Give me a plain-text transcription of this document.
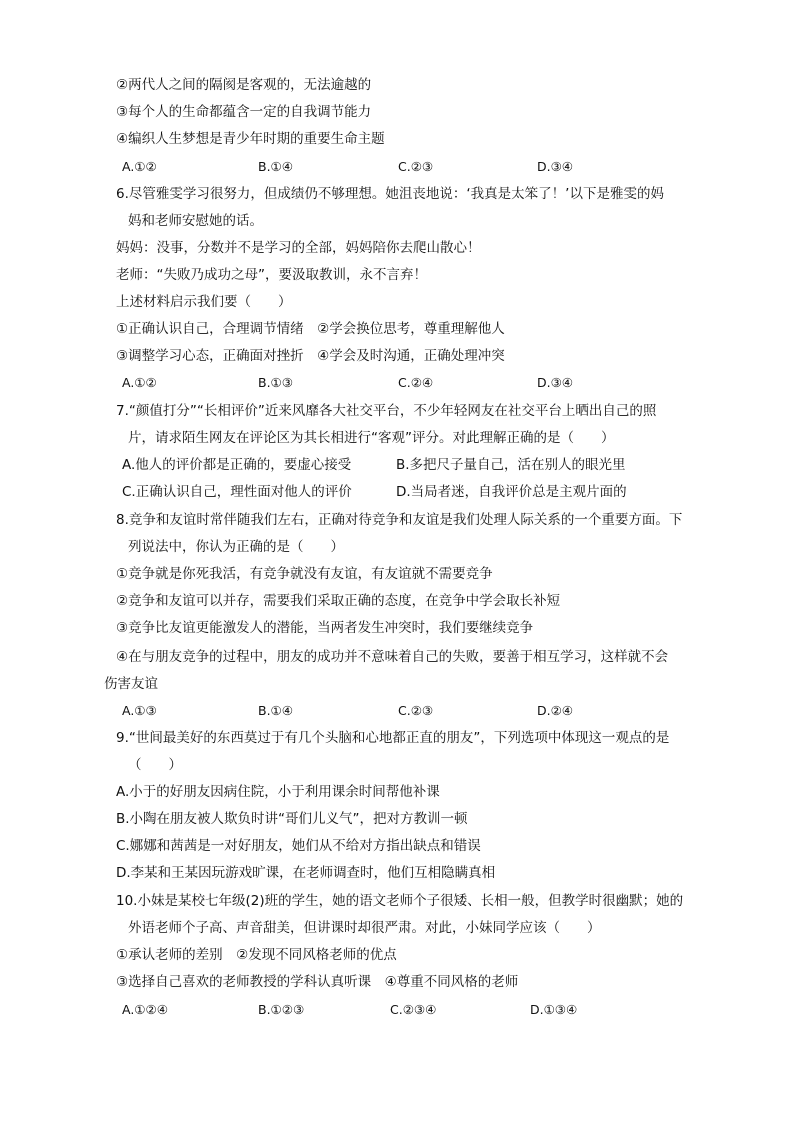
②两代人之间的隔阂是客观的，无法逾越的
③每个人的生命都蕴含一定的自我调节能力
④编织人生梦想是青少年时期的重要生命主题
A.①②	B.①④	C.②③	D.③④
6.尽管雅雯学习很努力，但成绩仍不够理想。她沮丧地说：‘我真是太笨了！’以下是雅雯的妈
妈和老师安慰她的话。
妈妈：没事，分数并不是学习的全部，妈妈陪你去爬山散心！
老师：“失败乃成功之母”，要汲取教训，永不言弃！
上述材料启示我们要（　　）
①正确认识自己，合理调节情绪　②学会换位思考，尊重理解他人
③调整学习心态，正确面对挫折　④学会及时沟通，正确处理冲突
A.①②	B.①③	C.②④	D.③④
7.“颜值打分”“长相评价”近来风靡各大社交平台，不少年轻网友在社交平台上晒出自己的照
片，请求陌生网友在评论区为其长相进行“客观”评分。对此理解正确的是（　　）
A.他人的评价都是正确的，要虚心接受	B.多把尺子量自己，活在别人的眼光里
C.正确认识自己，理性面对他人的评价	D.当局者迷，自我评价总是主观片面的
8.竞争和友谊时常伴随我们左右，正确对待竞争和友谊是我们处理人际关系的一个重要方面。下
列说法中，你认为正确的是（　　）
①竞争就是你死我活，有竞争就没有友谊，有友谊就不需要竞争
②竞争和友谊可以并存，需要我们采取正确的态度，在竞争中学会取长补短
③竞争比友谊更能激发人的潜能，当两者发生冲突时，我们要继续竞争
④在与朋友竞争的过程中，朋友的成功并不意味着自己的失败，要善于相互学习，这样就不会
伤害友谊
A.①③	B.①④	C.②③	D.②④
9.“世间最美好的东西莫过于有几个头脑和心地都正直的朋友”，下列选项中体现这一观点的是
（　　）
A.小于的好朋友因病住院，小于利用课余时间帮他补课
B.小陶在朋友被人欺负时讲“哥们儿义气”，把对方教训一顿
C.娜娜和茜茜是一对好朋友，她们从不给对方指出缺点和错误
D.李某和王某因玩游戏旷课，在老师调查时，他们互相隐瞒真相
10.小妹是某校七年级(2)班的学生，她的语文老师个子很矮、长相一般，但教学时很幽默；她的
外语老师个子高、声音甜美，但讲课时却很严肃。对此，小妹同学应该（　　）
①承认老师的差别　②发现不同风格老师的优点
③选择自己喜欢的老师教授的学科认真听课　④尊重不同风格的老师
A.①②④	B.①②③	C.②③④	D.①③④
